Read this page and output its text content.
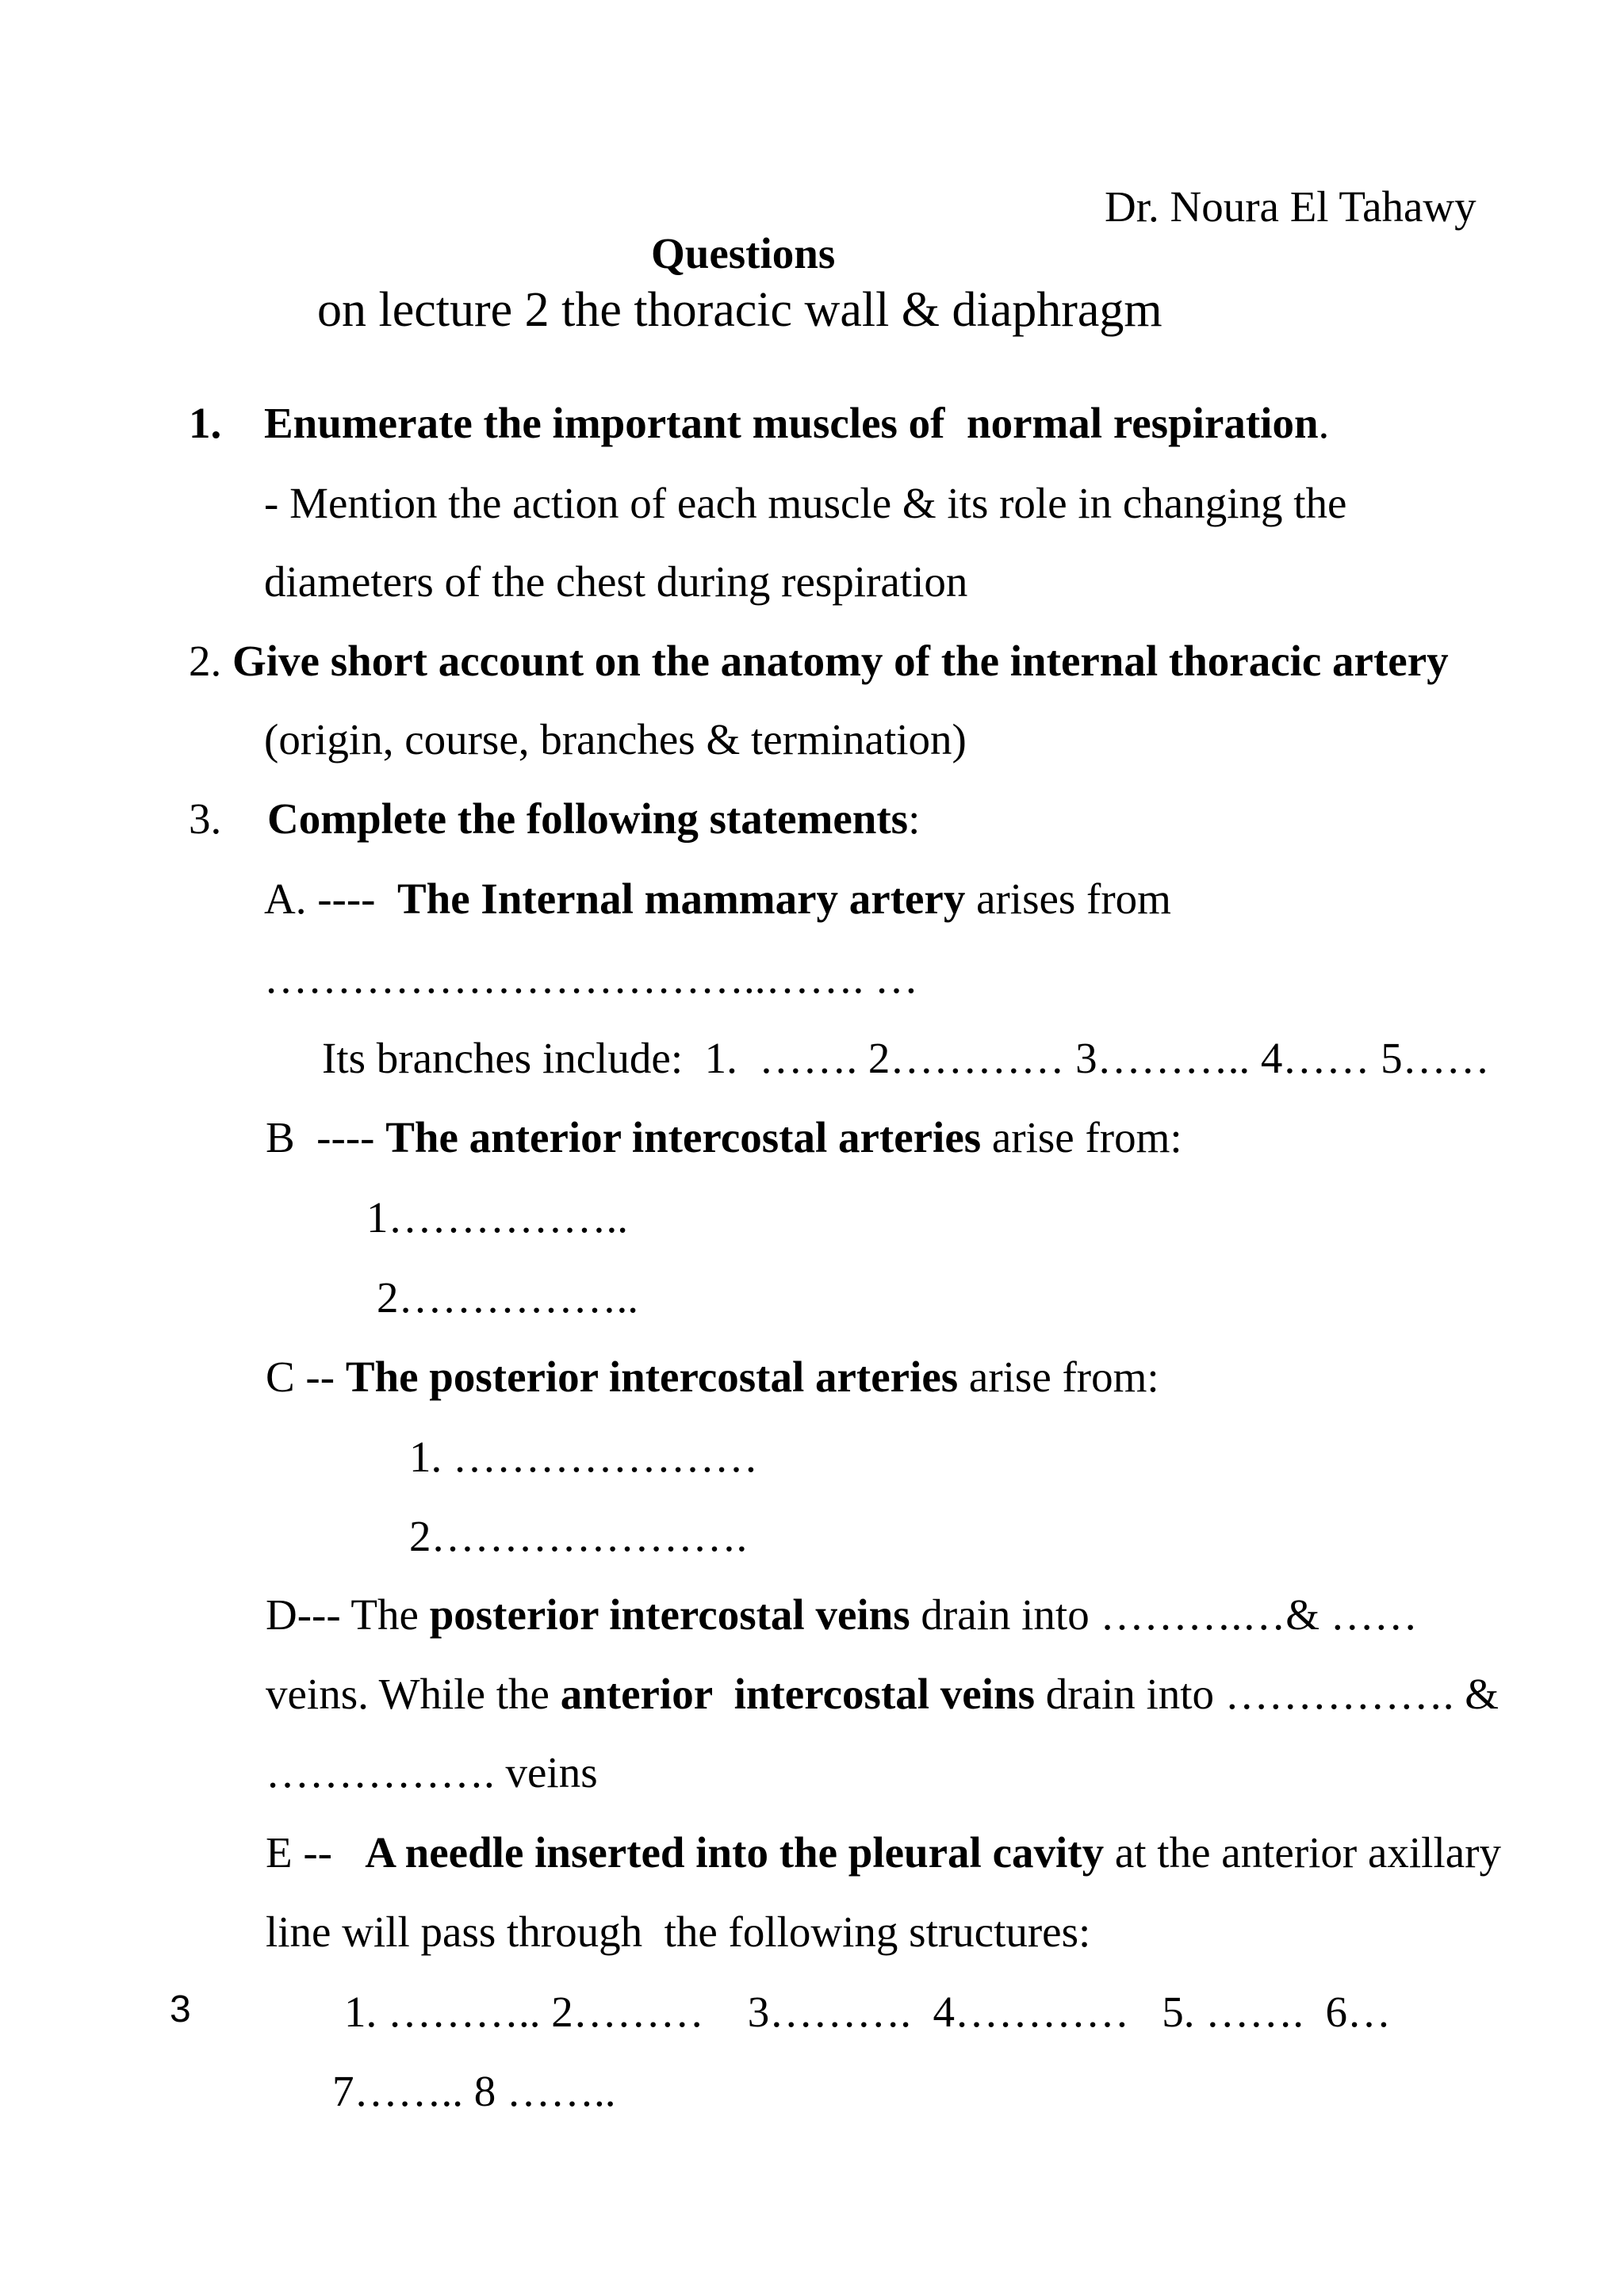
Dr. Noura El Tahawy
Questions
on lecture 2 the thoracic wall & diaphragm
1. Enumerate the important muscles of  normal respiration.
- Mention the action of each muscle & its role in changing the
diameters of the chest during respiration
2. Give short account on the anatomy of the internal thoracic artery
(origin, course, branches & termination)
3. Complete the following statements:
A. ----  The Internal mammary artery arises from
……………………………..……. …
Its branches include:  1.  ……. 2………… 3……….. 4…… 5……
B  ---- The anterior intercostal arteries arise from:
1……………..
2……………..
C -- The posterior intercostal arteries arise from:
1. …………………
2………………….
D--- The posterior intercostal veins drain into ……….…& ……
veins. While the anterior  intercostal veins drain into ……………. &
……………. veins
E --   A needle inserted into the pleural cavity at the anterior axillary
line will pass through  the following structures:
1. ……….. 2………    3……….  4…………   5. …….  6…
7…….. 8 ……..
3
